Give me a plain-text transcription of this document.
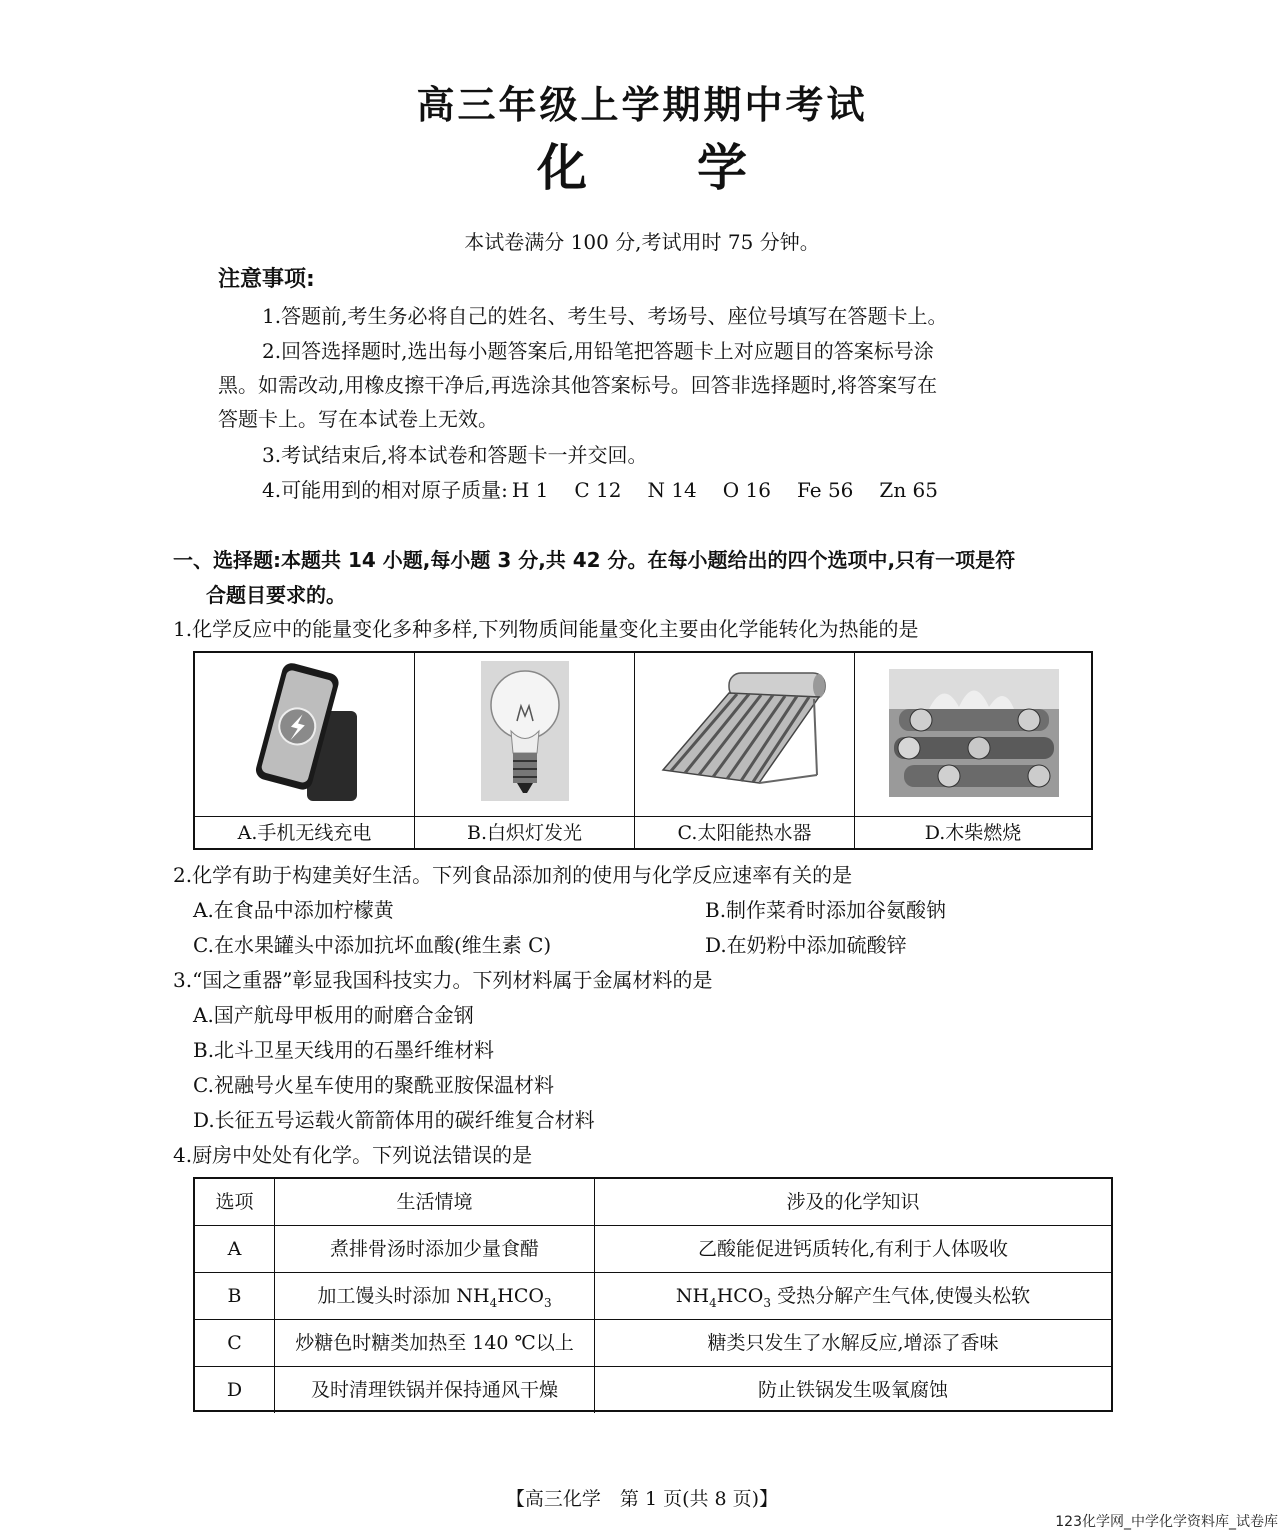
高三年级上学期期中考试
化学
本试卷满分 100 分,考试用时 75 分钟。
注意事项:
1.答题前,考生务必将自己的姓名、考生号、考场号、座位号填写在答题卡上。
2.回答选择题时,选出每小题答案后,用铅笔把答题卡上对应题目的答案标号涂
黑。如需改动,用橡皮擦干净后,再选涂其他答案标号。回答非选择题时,将答案写在
答题卡上。写在本试卷上无效。
3.考试结束后,将本试卷和答题卡一并交回。
4.可能用到的相对原子质量: H 1 C 12 N 14 O 16 Fe 56 Zn 65
一、选择题:本题共 14 小题,每小题 3 分,共 42 分。在每小题给出的四个选项中,只有一项是符
合题目要求的。
1.化学反应中的能量变化多种多样,下列物质间能量变化主要由化学能转化为热能的是
A.手机无线充电	B.白炽灯发光	C.太阳能热水器	D.木柴燃烧
2.化学有助于构建美好生活。下列食品添加剂的使用与化学反应速率有关的是
A.在食品中添加柠檬黄	B.制作菜肴时添加谷氨酸钠
C.在水果罐头中添加抗坏血酸(维生素 C)	D.在奶粉中添加硫酸锌
3.“国之重器”彰显我国科技实力。下列材料属于金属材料的是
A.国产航母甲板用的耐磨合金钢
B.北斗卫星天线用的石墨纤维材料
C.祝融号火星车使用的聚酰亚胺保温材料
D.长征五号运载火箭箭体用的碳纤维复合材料
4.厨房中处处有化学。下列说法错误的是
选项	生活情境	涉及的化学知识
A	煮排骨汤时添加少量食醋	乙酸能促进钙质转化,有利于人体吸收
B	加工馒头时添加 $NH_4HCO_3$	$NH_4HCO_3$ 受热分解产生气体,使馒头松软
C	炒糖色时糖类加热至 140 ℃以上	糖类只发生了水解反应,增添了香味
D	及时清理铁锅并保持通风干燥	防止铁锅发生吸氧腐蚀
【高三化学　第 1 页(共 8 页)】
123化学网_中学化学资料库_试卷库
